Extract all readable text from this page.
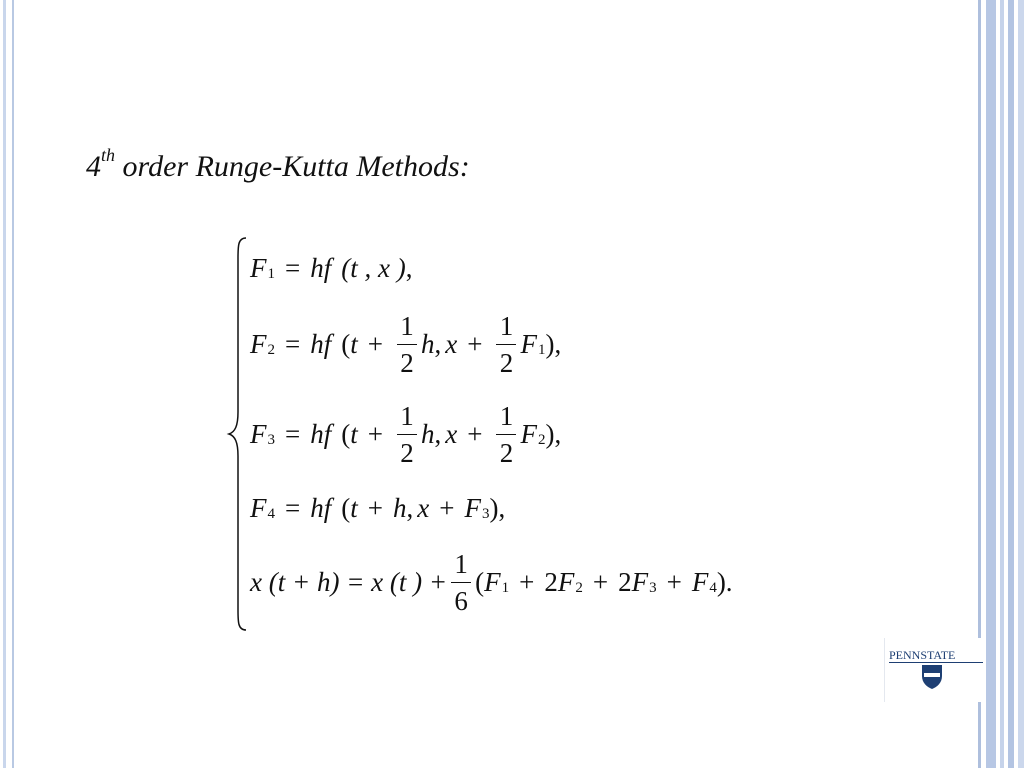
4th order Runge-Kutta Methods:
$F_1$ = hf (t , x ) ,
$F_2$ = hf ( $t + \frac{1}{2}$ h , $x + \frac{1}{2} F_1$ ),
$F_3$ = hf ( $t + \frac{1}{2}$ h , $x + \frac{1}{2} F_2$ ),
$F_4$ = hf ( t + h , $x + F_3$ ),
x (t + h) = x (t ) + $\frac{1}{6}$ ( $F_1 + 2$ $F_2 + 2$ $F_3 + F_4$ ).
PENNSTATE
